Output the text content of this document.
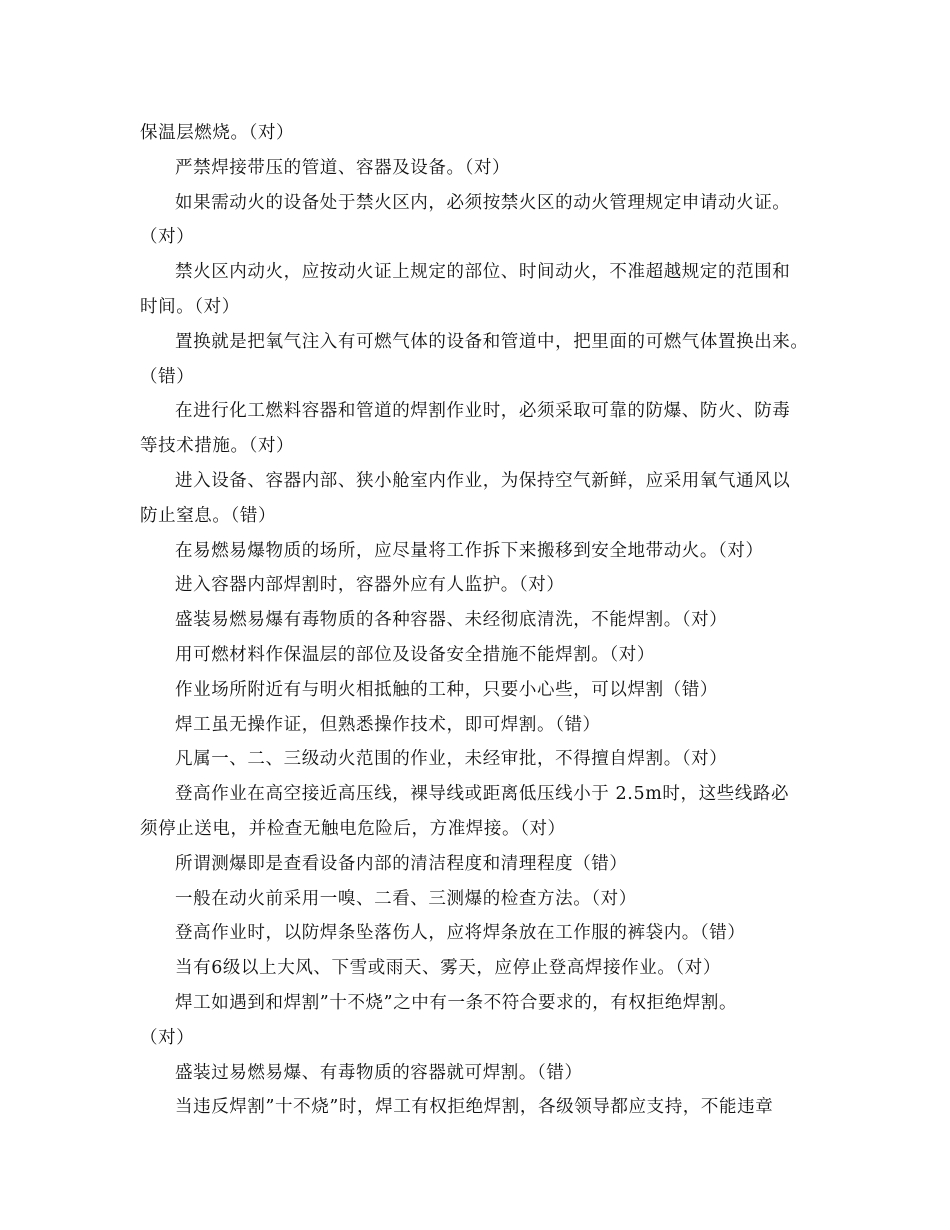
保温层燃烧。（对）
严禁焊接带压的管道、容器及设备。（对）
如果需动火的设备处于禁火区内，必须按禁火区的动火管理规定申请动火证。
（对）
禁火区内动火，应按动火证上规定的部位、时间动火，不准超越规定的范围和
时间。（对）
置换就是把氧气注入有可燃气体的设备和管道中，把里面的可燃气体置换出来。
（错）
在进行化工燃料容器和管道的焊割作业时，必须采取可靠的防爆、防火、防毒
等技术措施。（对）
进入设备、容器内部、狭小舱室内作业，为保持空气新鲜，应采用氧气通风以
防止窒息。（错）
在易燃易爆物质的场所，应尽量将工作拆下来搬移到安全地带动火。（对）
进入容器内部焊割时，容器外应有人监护。（对）
盛装易燃易爆有毒物质的各种容器、未经彻底清洗，不能焊割。（对）
用可燃材料作保温层的部位及设备安全措施不能焊割。（对）
作业场所附近有与明火相抵触的工种，只要小心些，可以焊割（错）
焊工虽无操作证，但熟悉操作技术，即可焊割。（错）
凡属一、二、三级动火范围的作业，未经审批，不得擅自焊割。（对）
登高作业在高空接近高压线，裸导线或距离低压线小于 2.5m时，这些线路必
须停止送电，并检查无触电危险后，方准焊接。（对）
所谓测爆即是查看设备内部的清洁程度和清理程度（错）
一般在动火前采用一嗅、二看、三测爆的检查方法。（对）
登高作业时，以防焊条坠落伤人，应将焊条放在工作服的裤袋内。（错）
当有6级以上大风、下雪或雨天、雾天，应停止登高焊接作业。（对）
焊工如遇到和焊割”十不烧”之中有一条不符合要求的，有权拒绝焊割。
（对）
盛装过易燃易爆、有毒物质的容器就可焊割。（错）
当违反焊割”十不烧”时，焊工有权拒绝焊割，各级领导都应支持，不能违章
